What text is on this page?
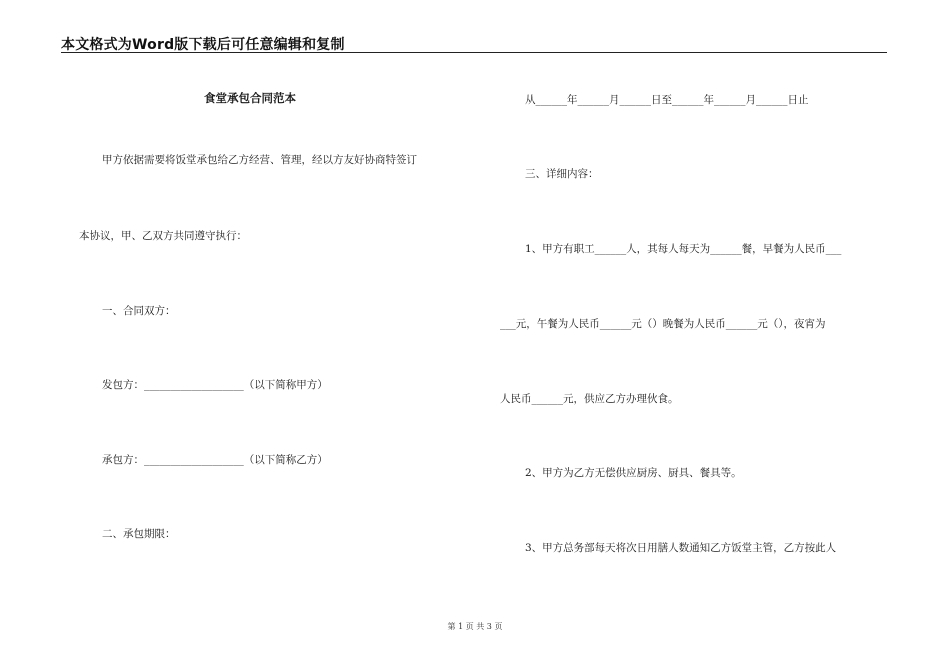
本文格式为Word版下载后可任意编辑和复制
食堂承包合同范本
甲方依据需要将饭堂承包给乙方经营、管理，经以方友好协商特签订
本协议，甲、乙双方共同遵守执行：
一、合同双方：
发包方：___________________（以下简称甲方）
承包方：___________________（以下简称乙方）
二、承包期限：
从______年______月______日至______年______月______日止
三、详细内容：
1、甲方有职工______人，其每人每天为______餐，早餐为人民币___
___元，午餐为人民币______元（）晚餐为人民币______元（），夜宵为
人民币______元，供应乙方办理伙食。
2、甲方为乙方无偿供应厨房、厨具、餐具等。
3、甲方总务部每天将次日用膳人数通知乙方饭堂主管，乙方按此人
第 1 页 共 3 页
